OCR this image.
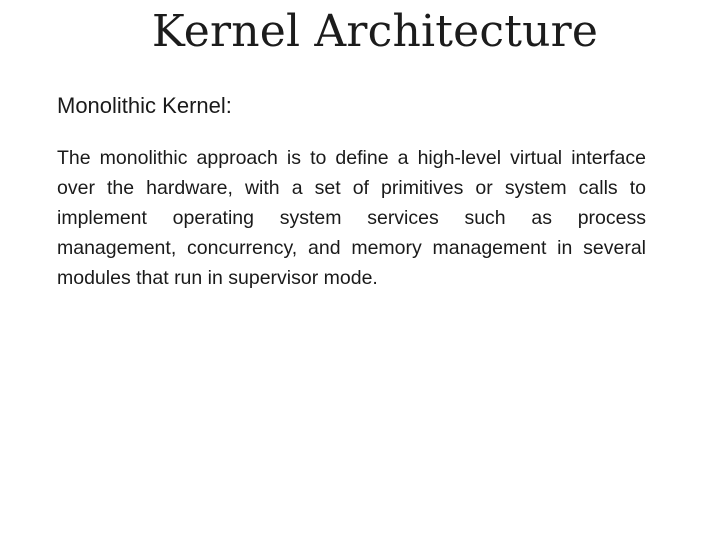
Kernel Architecture
Monolithic Kernel:

The monolithic approach is to define a high-level virtual interface over the hardware, with a set of primitives or system calls to implement operating system services such as process management, concurrency, and memory management in several modules that run in supervisor mode.
